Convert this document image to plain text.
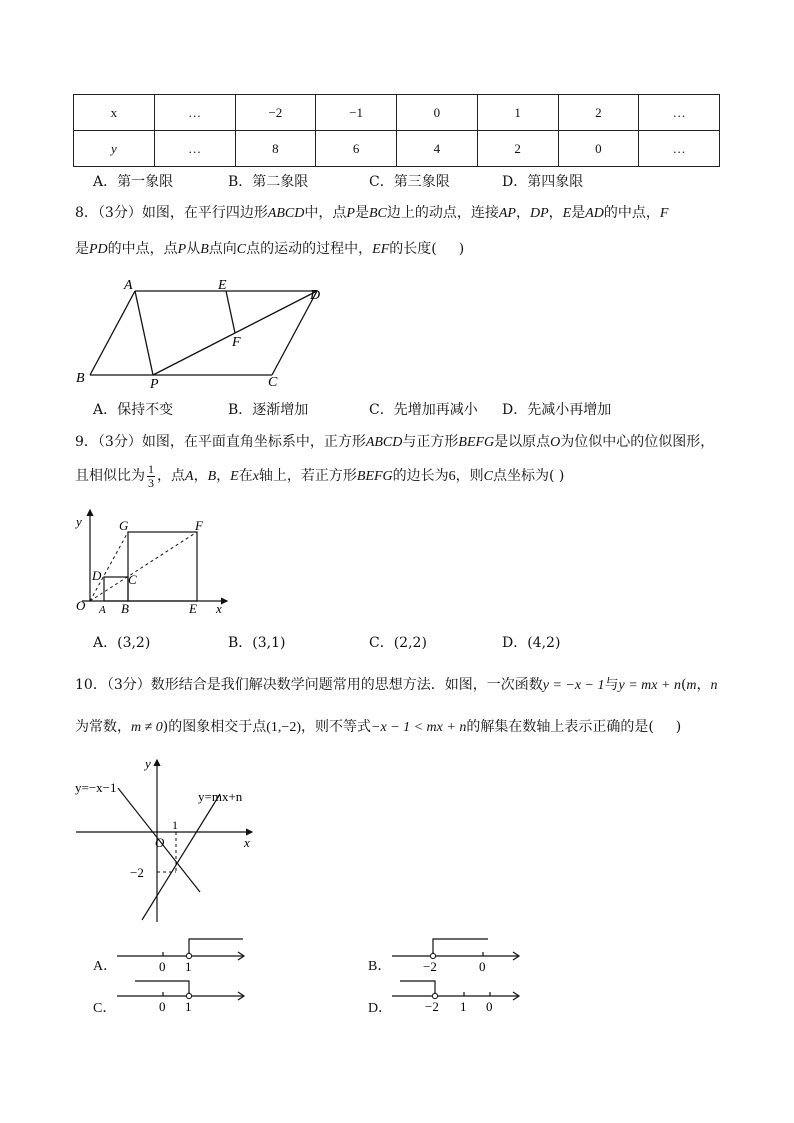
x	…	−2	−1	0	1	2	…
y	…	8	6	4	2	0	…
A．第一象限	B．第二象限	C．第三象限	D．第四象限
8．（3分）如图，在平行四边形ABCD中，点P是BC边上的动点，连接AP，DP，E是AD的中点，F
是PD的中点，点P从B点向C点的运动的过程中，EF的长度( )
A	E
D
F
B	P	C
A．保持不变	B．逐渐增加	C．先增加再减小 D．先减小再增加
9．（3分）如图，在平面直角坐标系中，正方形ABCD与正方形BEFG是以原点O为位似中心的位似图形，
且相似比为 $\frac{1}{3}$ ，点A，B，E在x轴上，若正方形BEFG的边长为6，则C点坐标为( )
y	G	F
D C
O A B	E x
A．(3,2)	B．(3,1)	C．(2,2)	D．(4,2)
10．（3分）数形结合是我们解决数学问题常用的思想方法．如图，一次函数y = −x − 1与y = mx + n(m，n
为常数，m ≠ 0)的图象相交于点(1,−2)，则不等式−x − 1 < mx + n的解集在数轴上表示正确的是( )
y=−x−1
y=mx+n
y
1
O	x
−2
A．	0 1	B． −2	0
C．	0 1	D．	−2 1 0
